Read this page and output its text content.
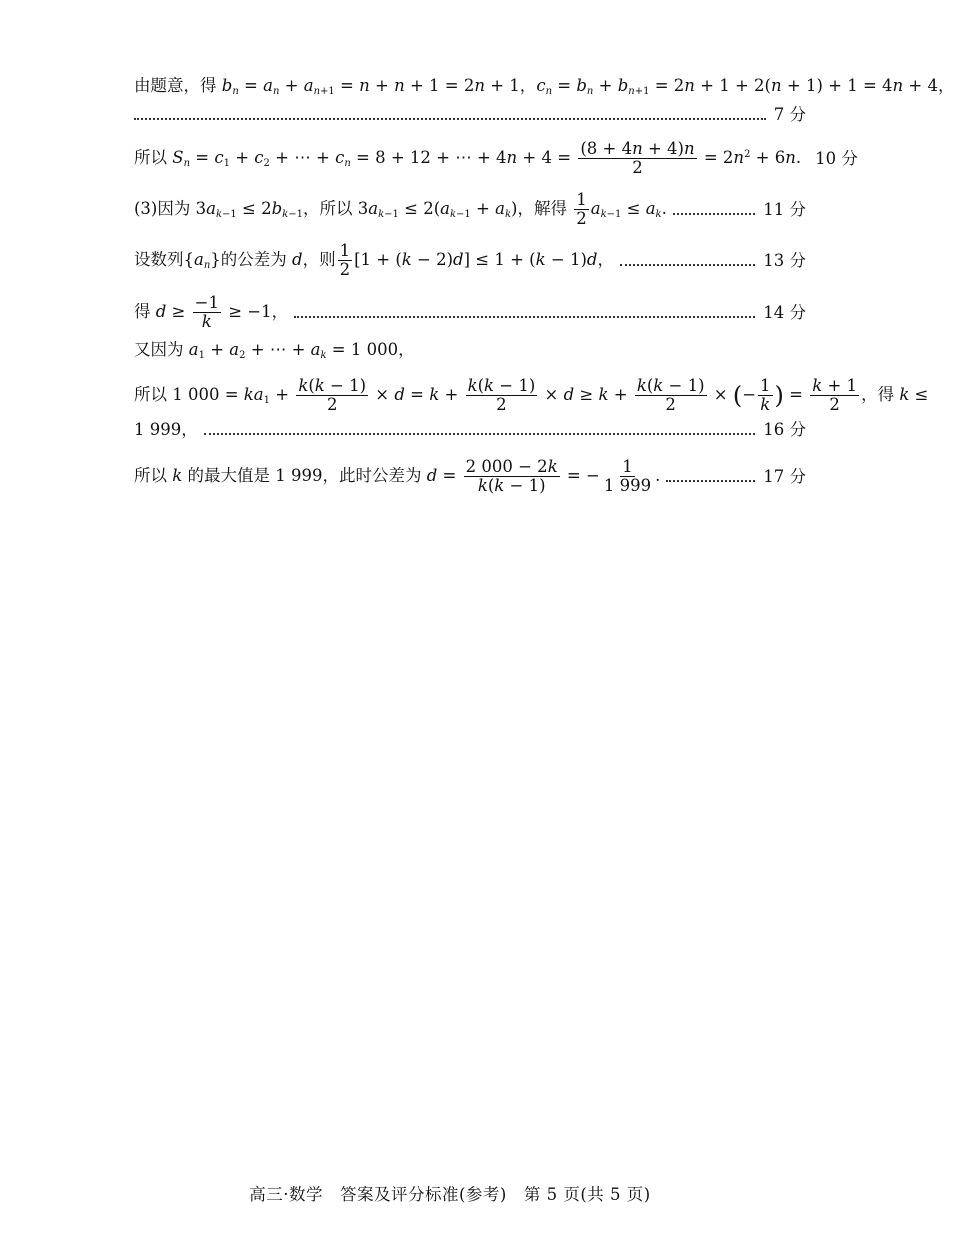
由题意，得 $b_n = a_n + a_{n+1} = n + n + 1 = 2n + 1$，$c_n = b_n + b_{n+1} = 2n + 1 + 2(n + 1) + 1 = 4n + 4$，
7 分
所以 $S_n = c_1 + c_2$ + ⋯ + $c_n = 8 + 12$ + ⋯ + $4n + 4 = \frac{(8 + 4n + 4)n}{2} = 2n^2 + 6n$. 10 分
(3)因为 $3a_{k-1} \le 2b_{k-1}$，所以 $3a_{k-1} \le 2(a_{k-1} + a_k)$，解得 $\frac{1}{2} a_{k-1} \le a_k$.	11 分
设数列$\{a_n\}$的公差为 d，则 $\frac{1}{2} [1 + (k - 2)d] \le 1 + (k - 1)d$，	13 分
得 $d \ge \frac{-1}{k} \ge -1$，	14 分
又因为 $a_1 + a_2$ + ⋯ + $a_k = 1$ 000，
所以 1 $000 = ka_1 + \frac{k(k - 1)}{2} \times d = k + \frac{k(k - 1)}{2} \times d \ge k + \frac{k(k - 1)}{2}$ × (− $\frac{1}{k}$ ) = $\frac{k + 1}{2}$ ，得 k ≤
1 999，	16 分
所以 k 的最大值是 1 999，此时公差为 $d = \frac{2 000 - 2k}{k(k - 1)}$ = − $\frac{1}{1 999}$ .	17 分
高三·数学　答案及评分标准(参考)　第 5 页(共 5 页)
